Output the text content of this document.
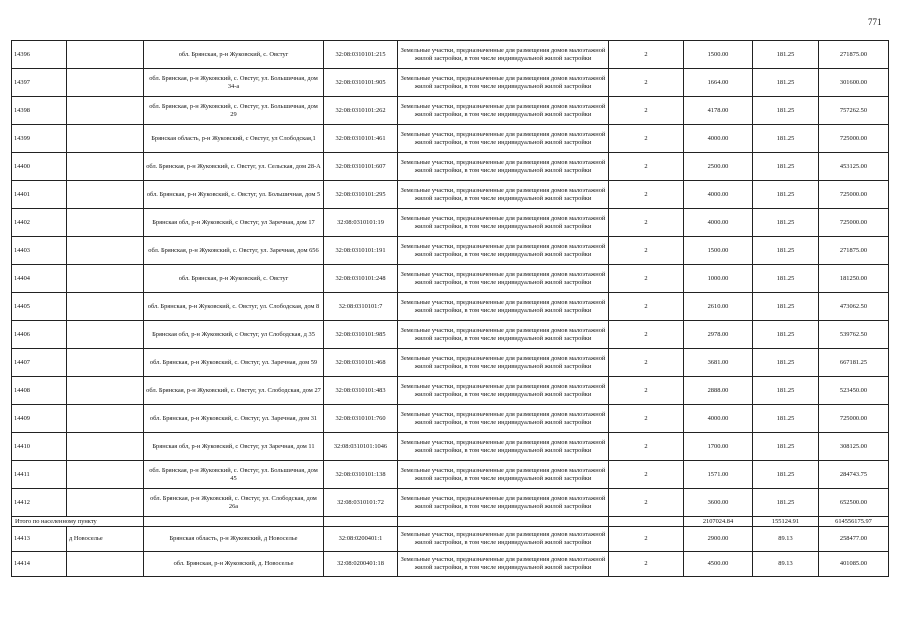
771
14396		обл. Брянская, р-н Жуковский, с. Овстуг	32:08:0310101:215	Земельные участки, предназначенные для размещения домов малоэтажной жилой застройки, в том числе индивидуальной жилой застройки	2	1500.00	181.25	271875.00
14397		обл. Брянская, р-н Жуковский, с. Овстуг, ул. Большичная, дом 34-а	32:08:0310101:905	Земельные участки, предназначенные для размещения домов малоэтажной жилой застройки, в том числе индивидуальной жилой застройки	2	1664.00	181.25	301600.00
14398		обл. Брянская, р-н Жуковский, с. Овстуг, ул. Большичная, дом 29	32:08:0310101:262	Земельные участки, предназначенные для размещения домов малоэтажной жилой застройки, в том числе индивидуальной жилой застройки	2	4178.00	181.25	757262.50
14399		Брянская область, р-н Жуковский, с Овстуг, ул Слободская,1	32:08:0310101:461	Земельные участки, предназначенные для размещения домов малоэтажной жилой застройки, в том числе индивидуальной жилой застройки	2	4000.00	181.25	725000.00
14400		обл. Брянская, р-н Жуковский, с. Овстуг, ул. Сельская, дом 28-А	32:08:0310101:607	Земельные участки, предназначенные для размещения домов малоэтажной жилой застройки, в том числе индивидуальной жилой застройки	2	2500.00	181.25	453125.00
14401		обл. Брянская, р-н Жуковский, с. Овстуг, ул. Большичная, дом 5	32:08:0310101:295	Земельные участки, предназначенные для размещения домов малоэтажной жилой застройки, в том числе индивидуальной жилой застройки	2	4000.00	181.25	725000.00
14402		Брянская обл, р-н Жуковский, с Овстуг, ул Заречная, дом 17	32:08:0310101:19	Земельные участки, предназначенные для размещения домов малоэтажной жилой застройки, в том числе индивидуальной жилой застройки	2	4000.00	181.25	725000.00
14403		обл. Брянская, р-н Жуковский, с. Овстуг, ул. Заречная, дом 656	32:08:0310101:191	Земельные участки, предназначенные для размещения домов малоэтажной жилой застройки, в том числе индивидуальной жилой застройки	2	1500.00	181.25	271875.00
14404		обл. Брянская, р-н Жуковский, с. Овстуг	32:08:0310101:248	Земельные участки, предназначенные для размещения домов малоэтажной жилой застройки, в том числе индивидуальной жилой застройки	2	1000.00	181.25	181250.00
14405		обл. Брянская, р-н Жуковский, с. Овстуг, ул. Слободская, дом 8	32:08:0310101:7	Земельные участки, предназначенные для размещения домов малоэтажной жилой застройки, в том числе индивидуальной жилой застройки	2	2610.00	181.25	473062.50
14406		Брянская обл, р-н Жуковский, с Овстуг, ул Слободская, д 35	32:08:0310101:985	Земельные участки, предназначенные для размещения домов малоэтажной жилой застройки, в том числе индивидуальной жилой застройки	2	2978.00	181.25	539762.50
14407		обл. Брянская, р-н Жуковский, с. Овстуг, ул. Заречная, дом 59	32:08:0310101:468	Земельные участки, предназначенные для размещения домов малоэтажной жилой застройки, в том числе индивидуальной жилой застройки	2	3681.00	181.25	667181.25
14408		обл. Брянская, р-н Жуковский, с. Овстуг, ул. Слободская, дом 27	32:08:0310101:483	Земельные участки, предназначенные для размещения домов малоэтажной жилой застройки, в том числе индивидуальной жилой застройки	2	2888.00	181.25	523450.00
14409		обл. Брянская, р-н Жуковский, с. Овстуг, ул. Заречная, дом 31	32:08:0310101:760	Земельные участки, предназначенные для размещения домов малоэтажной жилой застройки, в том числе индивидуальной жилой застройки	2	4000.00	181.25	725000.00
14410		Брянская обл, р-н Жуковский, с Овстуг, ул Заречная, дом 11	32:08:0310101:1046	Земельные участки, предназначенные для размещения домов малоэтажной жилой застройки, в том числе индивидуальной жилой застройки	2	1700.00	181.25	308125.00
14411		обл. Брянская, р-н Жуковский, с. Овстуг, ул. Большичная, дом 45	32:08:0310101:138	Земельные участки, предназначенные для размещения домов малоэтажной жилой застройки, в том числе индивидуальной жилой застройки	2	1571.00	181.25	284743.75
14412		обл. Брянская, р-н Жуковский, с. Овстуг, ул. Слободская, дом 26а	32:08:0310101:72	Земельные участки, предназначенные для размещения домов малоэтажной жилой застройки, в том числе индивидуальной жилой застройки	2	3600.00	181.25	652500.00
Итого по населенному пункту						2107024.84	155124.91	614556175.97
14413	д Новоселье	Брянская область, р-н Жуковский, д Новоселье	32:08:0200401:1	Земельные участки, предназначенные для размещения домов малоэтажной жилой застройки, в том числе индивидуальной жилой застройки	2	2900.00	89.13	258477.00
14414		обл. Брянская, р-н Жуковский, д. Новоселье	32:08:0200401:18	Земельные участки, предназначенные для размещения домов малоэтажной жилой застройки, в том числе индивидуальной жилой застройки	2	4500.00	89.13	401085.00
